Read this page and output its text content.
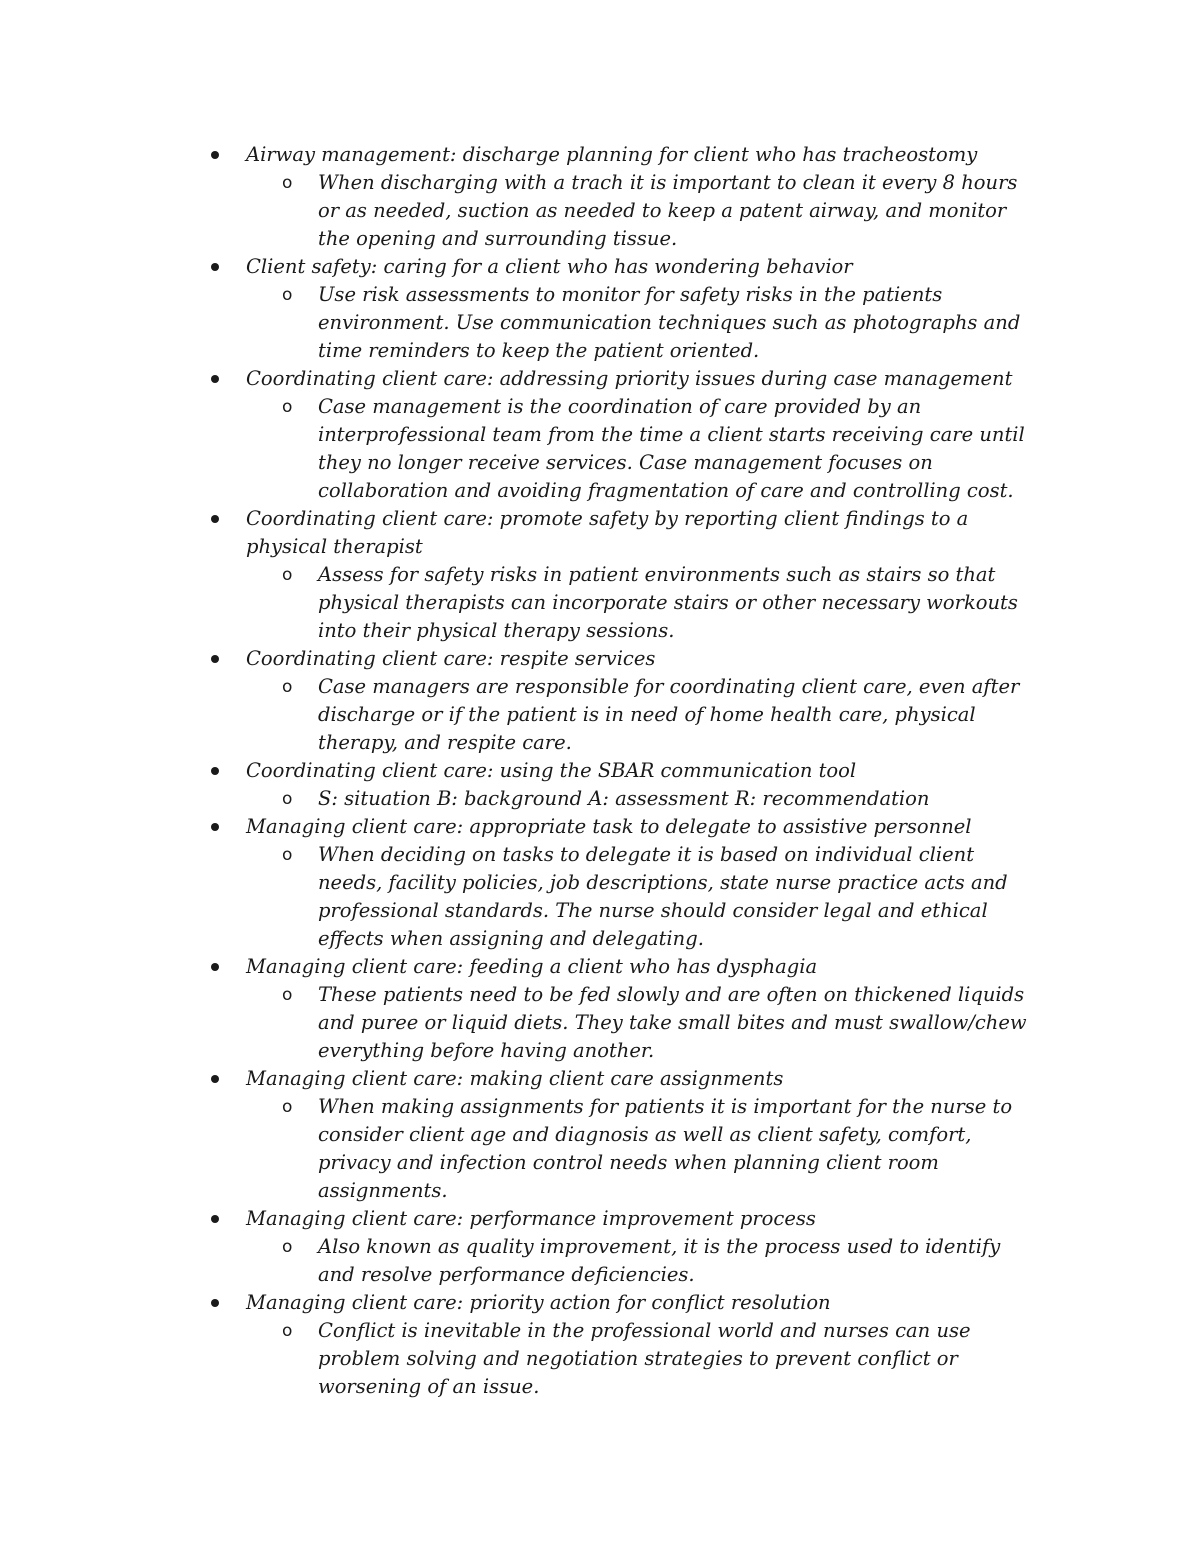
Airway management: discharge planning for client who has tracheostomy
o When discharging with a trach it is important to clean it every 8 hours or as needed, suction as needed to keep a patent airway, and monitor the opening and surrounding tissue.
Client safety: caring for a client who has wondering behavior
o Use risk assessments to monitor for safety risks in the patients environment. Use communication techniques such as photographs and time reminders to keep the patient oriented.
Coordinating client care: addressing priority issues during case management
o Case management is the coordination of care provided by an interprofessional team from the time a client starts receiving care until they no longer receive services. Case management focuses on collaboration and avoiding fragmentation of care and controlling cost.
Coordinating client care: promote safety by reporting client findings to a physical therapist
o Assess for safety risks in patient environments such as stairs so that physical therapists can incorporate stairs or other necessary workouts into their physical therapy sessions.
Coordinating client care: respite services
o Case managers are responsible for coordinating client care, even after discharge or if the patient is in need of home health care, physical therapy, and respite care.
Coordinating client care: using the SBAR communication tool
o S: situation B: background A: assessment R: recommendation
Managing client care: appropriate task to delegate to assistive personnel
o When deciding on tasks to delegate it is based on individual client needs, facility policies, job descriptions, state nurse practice acts and professional standards. The nurse should consider legal and ethical effects when assigning and delegating.
Managing client care: feeding a client who has dysphagia
o These patients need to be fed slowly and are often on thickened liquids and puree or liquid diets. They take small bites and must swallow/chew everything before having another.
Managing client care: making client care assignments
o When making assignments for patients it is important for the nurse to consider client age and diagnosis as well as client safety, comfort, privacy and infection control needs when planning client room assignments.
Managing client care: performance improvement process
o Also known as quality improvement, it is the process used to identify and resolve performance deficiencies.
Managing client care: priority action for conflict resolution
o Conflict is inevitable in the professional world and nurses can use problem solving and negotiation strategies to prevent conflict or worsening of an issue.
